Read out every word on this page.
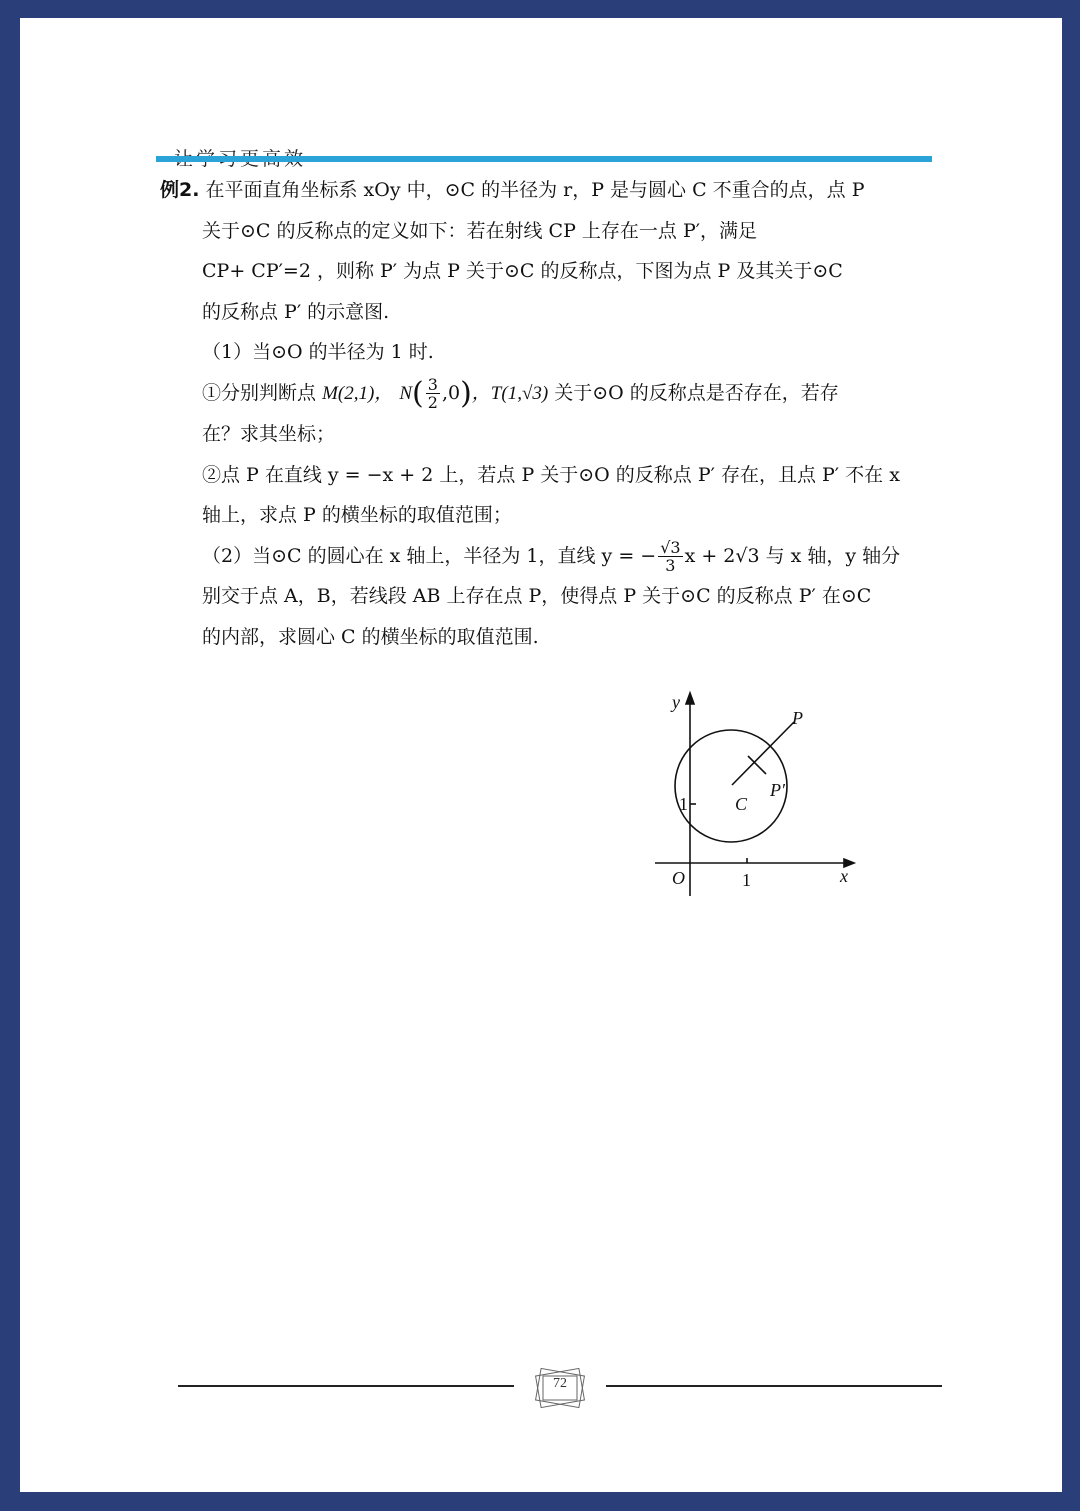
例2. 在平面直角坐标系 xOy 中，⊙C 的半径为 r，P 是与圆心 C 不重合的点，点 P

关于⊙C 的反称点的定义如下：若在射线 CP 上存在一点 P′，满足

CP+ CP′=2 ，则称 P′ 为点 P 关于⊙C 的反称点，下图为点 P 及其关于⊙C

的反称点 P′ 的示意图.

（1）当⊙O 的半径为 1 时.

①分别判断点 M(2,1)， $N( \frac{3}{2} ,0)$，T(1,√3) 关于⊙O 的反称点是否存在，若存

在？求其坐标；

②点 P 在直线 y = −x + 2 上，若点 P 关于⊙O 的反称点 P′ 存在，且点 P′ 不在 x

轴上，求点 P 的横坐标的取值范围；

（2）当⊙C 的圆心在 x 轴上，半径为 1，直线 y = − $\frac{√3}{3}$ x + 2√3 与 x 轴，y 轴分

别交于点 A，B，若线段 AB 上存在点 P，使得点 P 关于⊙C 的反称点 P′ 在⊙C

的内部，求圆心 C 的横坐标的取值范围.

y
x
O	1
1	C
P
P′
72
